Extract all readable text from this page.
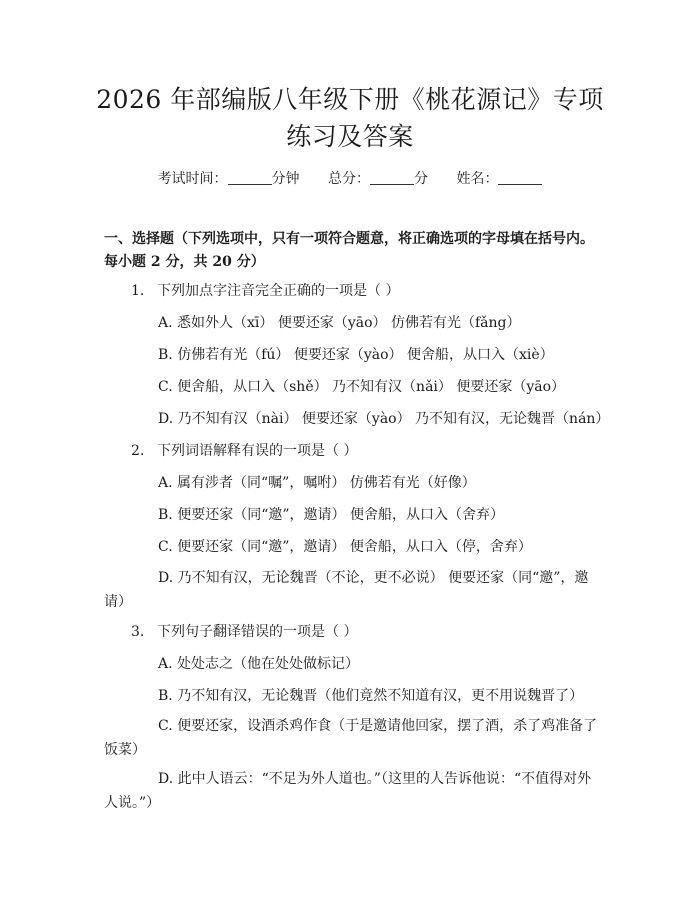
2026 年部编版八年级下册《桃花源记》专项
练习及答案
考试时间：	分钟 总分：	分 姓名：
一、选择题（下列选项中，只有一项符合题意，将正确选项的字母填在括号内。每小题 2 分，共 20 分）
1. 下列加点字注音完全正确的一项是（ ）
A. 悉如外人（xī） 便要还家（yāo） 仿佛若有光（fǎng）
B. 仿佛若有光（fú） 便要还家（yào） 便舍船，从口入（xiè）
C. 便舍船，从口入（shě） 乃不知有汉（nǎi） 便要还家（yāo）
D. 乃不知有汉（nài） 便要还家（yào） 乃不知有汉，无论魏晋（nán）
2. 下列词语解释有误的一项是（ ）
A. 属有涉者（同“嘱”，嘱咐） 仿佛若有光（好像）
B. 便要还家（同“邀”，邀请） 便舍船，从口入（舍弃）
C. 便要还家（同“邀”，邀请） 便舍船，从口入（停，舍弃）
D. 乃不知有汉，无论魏晋（不论，更不必说） 便要还家（同“邀”，邀请）
3. 下列句子翻译错误的一项是（ ）
A. 处处志之（他在处处做标记）
B. 乃不知有汉，无论魏晋（他们竟然不知道有汉，更不用说魏晋了）
C. 便要还家，设酒杀鸡作食（于是邀请他回家，摆了酒，杀了鸡准备了饭菜）
D. 此中人语云：“不足为外人道也。”（这里的人告诉他说：“不值得对外人说。”）
